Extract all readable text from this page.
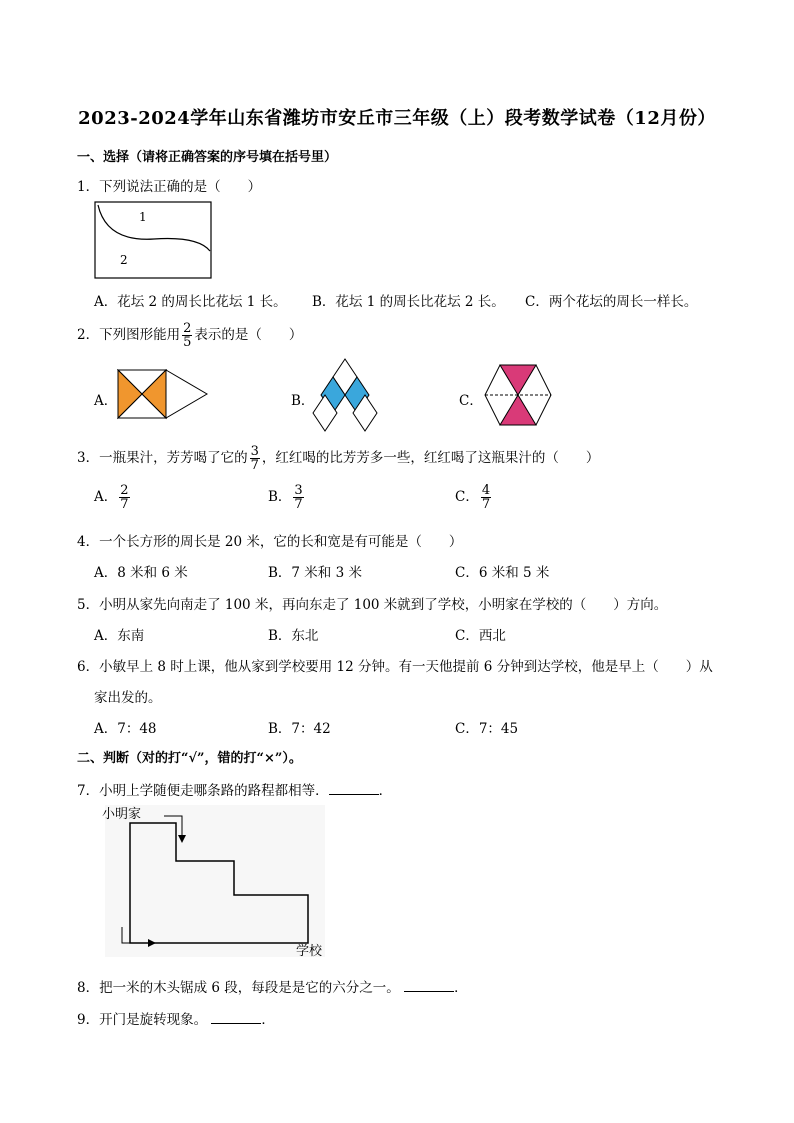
2023-2024学年山东省潍坊市安丘市三年级（上）段考数学试卷（12月份）
一、选择（请将正确答案的序号填在括号里）
1．下列说法正确的是（　　）
1
2
A．花坛 2 的周长比花坛 1 长。 B．花坛 1 的周长比花坛 2 长。 C．两个花坛的周长一样长。
2．下列图形能用 $\frac{2}{5}$ 表示的是（　　）
A．	B．	C．
3．一瓶果汁，芳芳喝了它的 $\frac{3}{7}$ ，红红喝的比芳芳多一些，红红喝了这瓶果汁的（　　）
A． $\frac{2}{7}$	B． $\frac{3}{7}$	C． $\frac{4}{7}$
4．一个长方形的周长是 20 米，它的长和宽是有可能是（　　）
A．8 米和 6 米	B．7 米和 3 米	C．6 米和 5 米
5．小明从家先向南走了 100 米，再向东走了 100 米就到了学校，小明家在学校的（　　）方向。
A．东南	B．东北	C．西北
6．小敏早上 8 时上课，他从家到学校要用 12 分钟。有一天他提前 6 分钟到达学校，他是早上（　　）从
家出发的。
A．7：48	B．7：42	C．7：45
二、判断（对的打“√”，错的打“×”）。
7．小明上学随便走哪条路的路程都相等．	．
小明家
学校
8．把一米的木头锯成 6 段，每段是是它的六分之一。	．
9．开门是旋转现象。	．
